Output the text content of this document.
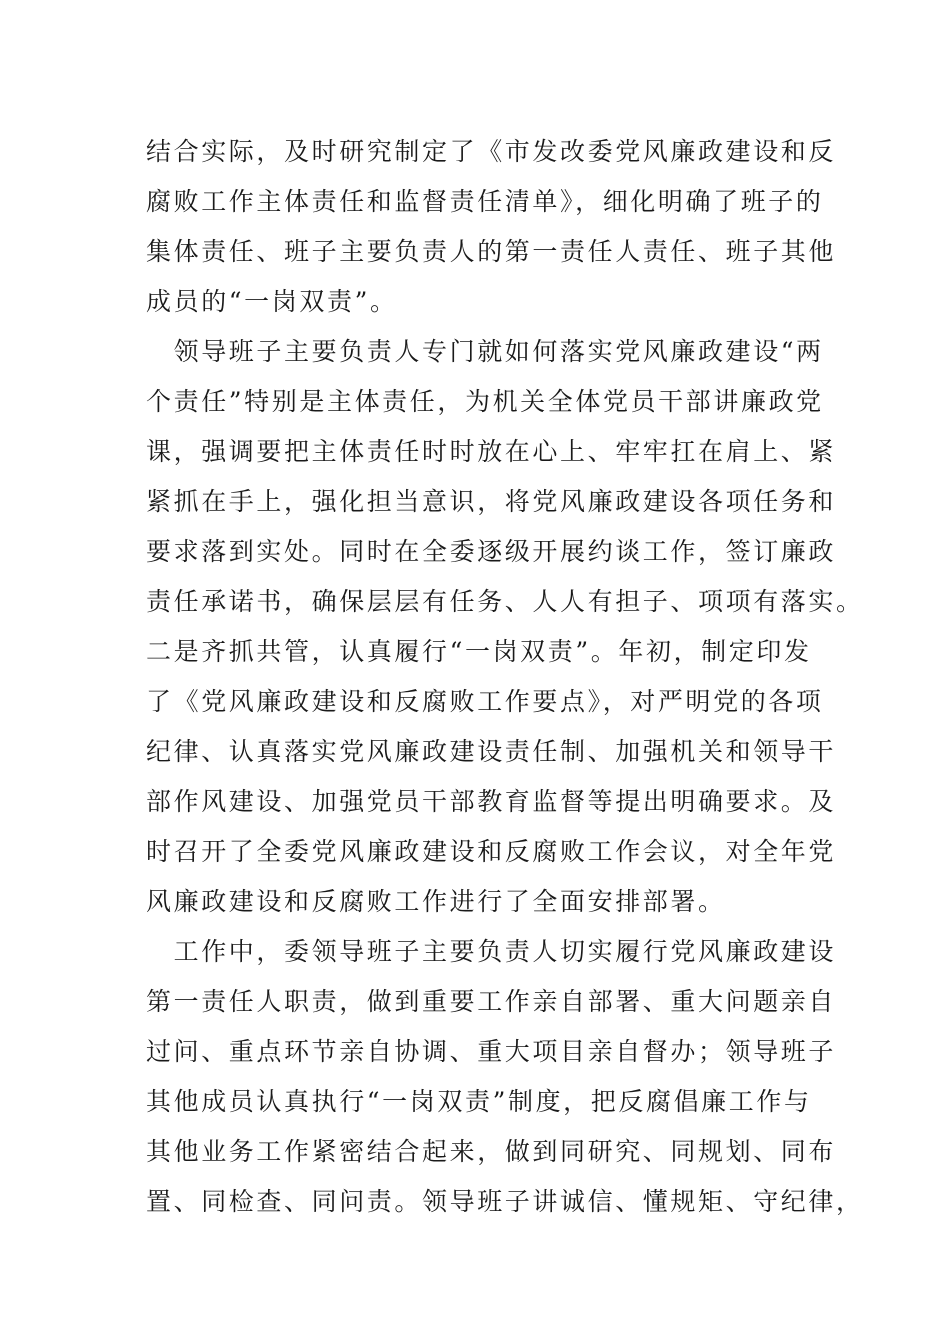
结合实际，及时研究制定了《市发改委党风廉政建设和反
腐败工作主体责任和监督责任清单》，细化明确了班子的
集体责任、班子主要负责人的第一责任人责任、班子其他
成员的“一岗双责”。
　领导班子主要负责人专门就如何落实党风廉政建设“两
个责任”特别是主体责任，为机关全体党员干部讲廉政党
课，强调要把主体责任时时放在心上、牢牢扛在肩上、紧
紧抓在手上，强化担当意识，将党风廉政建设各项任务和
要求落到实处。同时在全委逐级开展约谈工作，签订廉政
责任承诺书，确保层层有任务、人人有担子、项项有落实。
二是齐抓共管，认真履行“一岗双责”。年初，制定印发
了《党风廉政建设和反腐败工作要点》，对严明党的各项
纪律、认真落实党风廉政建设责任制、加强机关和领导干
部作风建设、加强党员干部教育监督等提出明确要求。及
时召开了全委党风廉政建设和反腐败工作会议，对全年党
风廉政建设和反腐败工作进行了全面安排部署。
　工作中，委领导班子主要负责人切实履行党风廉政建设
第一责任人职责，做到重要工作亲自部署、重大问题亲自
过问、重点环节亲自协调、重大项目亲自督办；领导班子
其他成员认真执行“一岗双责”制度，把反腐倡廉工作与
其他业务工作紧密结合起来，做到同研究、同规划、同布
置、同检查、同问责。领导班子讲诚信、懂规矩、守纪律，
